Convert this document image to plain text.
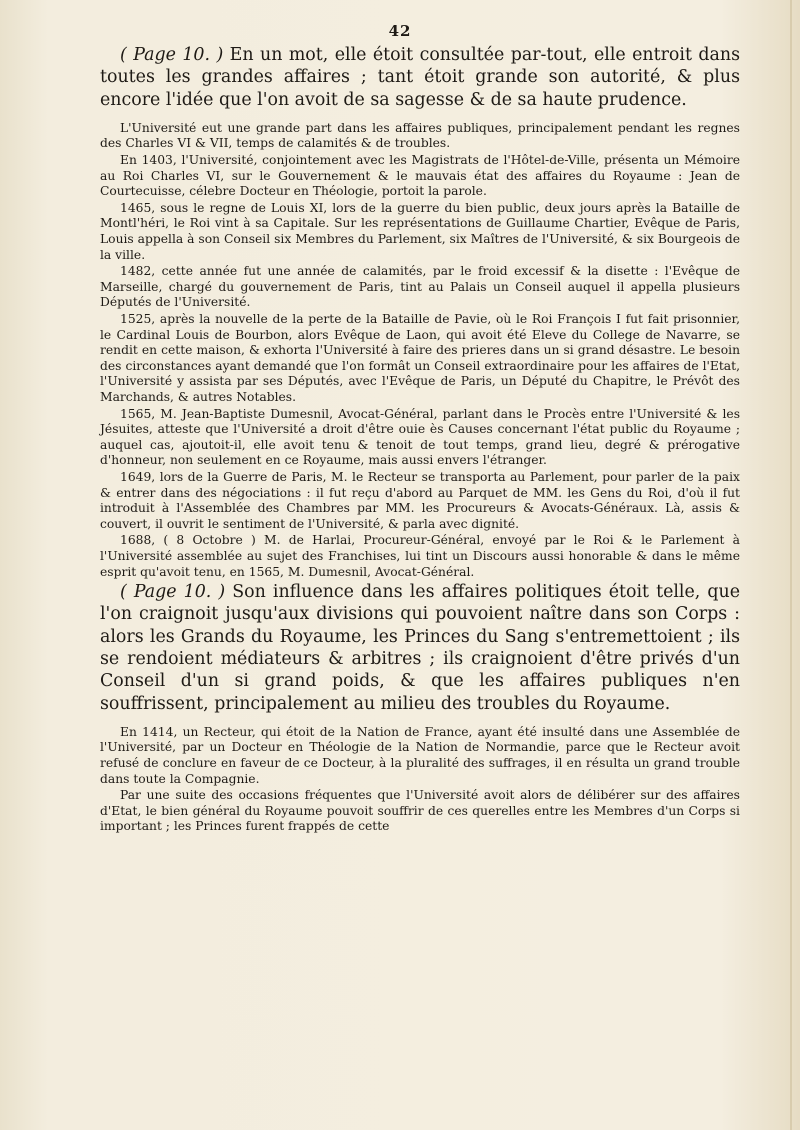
42

( Page 10. ) En un mot, elle étoit consultée par-tout, elle entroit dans toutes les grandes affaires ; tant étoit grande son autorité, & plus encore l'idée que l'on avoit de sa sagesse & de sa haute prudence.

L'Université eut une grande part dans les affaires publiques, principalement pendant les regnes des Charles VI & VII, temps de calamités & de troubles.

En 1403, l'Université, conjointement avec les Magistrats de l'Hôtel-de-Ville, présenta un Mémoire au Roi Charles VI, sur le Gouvernement & le mauvais état des affaires du Royaume : Jean de Courtecuisse, célebre Docteur en Théologie, portoit la parole.

1465, sous le regne de Louis XI, lors de la guerre du bien public, deux jours après la Bataille de Montl'héri, le Roi vint à sa Capitale. Sur les représentations de Guillaume Chartier, Evêque de Paris, Louis appella à son Conseil six Membres du Parlement, six Maîtres de l'Université, & six Bourgeois de la ville.

1482, cette année fut une année de calamités, par le froid excessif & la disette : l'Evêque de Marseille, chargé du gouvernement de Paris, tint au Palais un Conseil auquel il appella plusieurs Députés de l'Université.

1525, après la nouvelle de la perte de la Bataille de Pavie, où le Roi François I fut fait prisonnier, le Cardinal Louis de Bourbon, alors Evêque de Laon, qui avoit été Eleve du College de Navarre, se rendit en cette maison, & exhorta l'Université à faire des prieres dans un si grand désastre. Le besoin des circonstances ayant demandé que l'on formât un Conseil extraordinaire pour les affaires de l'Etat, l'Université y assista par ses Députés, avec l'Evêque de Paris, un Député du Chapitre, le Prévôt des Marchands, & autres Notables.

1565, M. Jean-Baptiste Dumesnil, Avocat-Général, parlant dans le Procès entre l'Université & les Jésuites, atteste que l'Université a droit d'être ouie ès Causes concernant l'état public du Royaume ; auquel cas, ajoutoit-il, elle avoit tenu & tenoit de tout temps, grand lieu, degré & prérogative d'honneur, non seulement en ce Royaume, mais aussi envers l'étranger.

1649, lors de la Guerre de Paris, M. le Recteur se transporta au Parlement, pour parler de la paix & entrer dans des négociations : il fut reçu d'abord au Parquet de MM. les Gens du Roi, d'où il fut introduit à l'Assemblée des Chambres par MM. les Procureurs & Avocats-Généraux. Là, assis & couvert, il ouvrit le sentiment de l'Université, & parla avec dignité.

1688, ( 8 Octobre ) M. de Harlai, Procureur-Général, envoyé par le Roi & le Parlement à l'Université assemblée au sujet des Franchises, lui tint un Discours aussi honorable & dans le même esprit qu'avoit tenu, en 1565, M. Dumesnil, Avocat-Général.

( Page 10. ) Son influence dans les affaires politiques étoit telle, que l'on craignoit jusqu'aux divisions qui pouvoient naître dans son Corps : alors les Grands du Royaume, les Princes du Sang s'entremettoient ; ils se rendoient médiateurs & arbitres ; ils craignoient d'être privés d'un Conseil d'un si grand poids, & que les affaires publiques n'en souffrissent, principalement au milieu des troubles du Royaume.

En 1414, un Recteur, qui étoit de la Nation de France, ayant été insulté dans une Assemblée de l'Université, par un Docteur en Théologie de la Nation de Normandie, parce que le Recteur avoit refusé de conclure en faveur de ce Docteur, à la pluralité des suffrages, il en résulta un grand trouble dans toute la Compagnie.

Par une suite des occasions fréquentes que l'Université avoit alors de délibérer sur des affaires d'Etat, le bien général du Royaume pouvoit souffrir de ces querelles entre les Membres d'un Corps si important ; les Princes furent frappés de cette
